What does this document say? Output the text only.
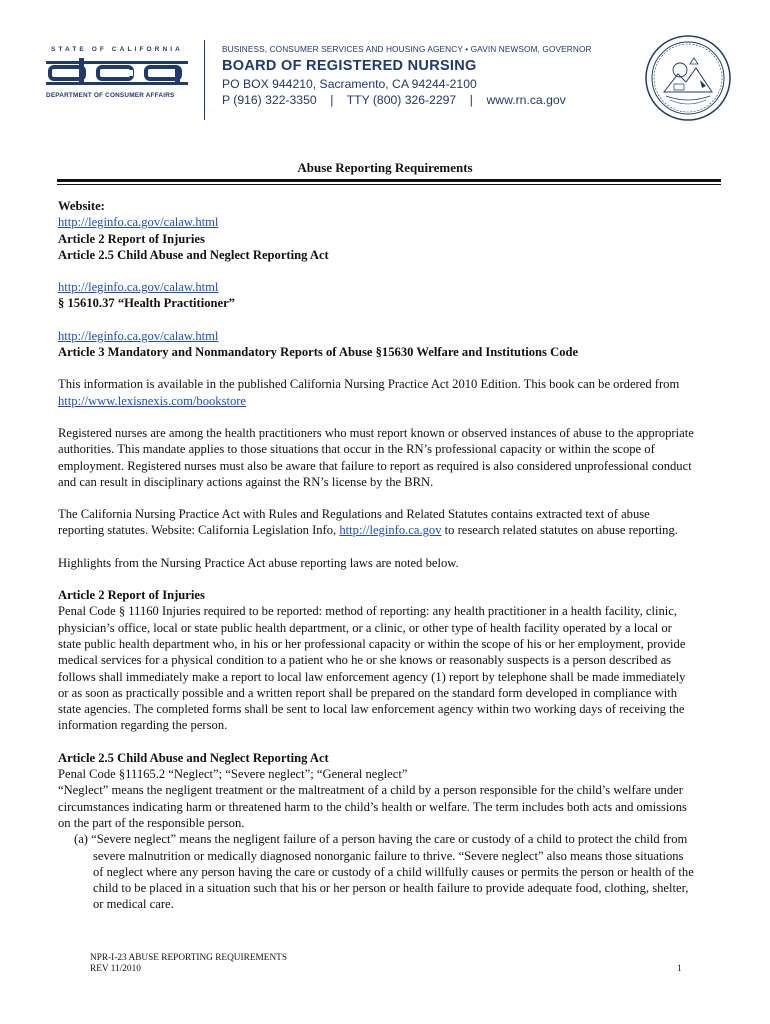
STATE OF CALIFORNIA
DEPARTMENT OF CONSUMER AFFAIRS
BUSINESS, CONSUMER SERVICES AND HOUSING AGENCY • GAVIN NEWSOM, GOVERNOR
BOARD OF REGISTERED NURSING
PO BOX 944210, Sacramento, CA 94244-2100
P (916) 322-3350 | TTY (800) 326-2297 | www.rn.ca.gov
Abuse Reporting Requirements

Website:

http://leginfo.ca.gov/calaw.html

Article 2 Report of Injuries

Article 2.5 Child Abuse and Neglect Reporting Act

http://leginfo.ca.gov/calaw.html

§ 15610.37 “Health Practitioner”

http://leginfo.ca.gov/calaw.html

Article 3 Mandatory and Nonmandatory Reports of Abuse §15630 Welfare and Institutions Code

This information is available in the published California Nursing Practice Act 2010 Edition. This book can be ordered from http://www.lexisnexis.com/bookstore

Registered nurses are among the health practitioners who must report known or observed instances of abuse to the appropriate authorities. This mandate applies to those situations that occur in the RN’s professional capacity or within the scope of employment. Registered nurses must also be aware that failure to report as required is also considered unprofessional conduct and can result in disciplinary actions against the RN’s license by the BRN.

The California Nursing Practice Act with Rules and Regulations and Related Statutes contains extracted text of abuse reporting statutes. Website: California Legislation Info, http://leginfo.ca.gov to research related statutes on abuse reporting.

Highlights from the Nursing Practice Act abuse reporting laws are noted below.

Article 2 Report of Injuries

Penal Code § 11160 Injuries required to be reported: method of reporting: any health practitioner in a health facility, clinic, physician’s office, local or state public health department, or a clinic, or other type of health facility operated by a local or state public health department who, in his or her professional capacity or within the scope of his or her employment, provide medical services for a physical condition to a patient who he or she knows or reasonably suspects is a person described as follows shall immediately make a report to local law enforcement agency (1) report by telephone shall be made immediately or as soon as practically possible and a written report shall be prepared on the standard form developed in compliance with state agencies. The completed forms shall be sent to local law enforcement agency within two working days of receiving the information regarding the person.

Article 2.5 Child Abuse and Neglect Reporting Act

Penal Code §11165.2 “Neglect”; “Severe neglect”; “General neglect”

“Neglect” means the negligent treatment or the maltreatment of a child by a person responsible for the child’s welfare under circumstances indicating harm or threatened harm to the child’s health or welfare. The term includes both acts and omissions on the part of the responsible person.

(a) “Severe neglect” means the negligent failure of a person having the care or custody of a child to protect the child from severe malnutrition or medically diagnosed nonorganic failure to thrive. “Severe neglect” also means those situations of neglect where any person having the care or custody of a child willfully causes or permits the person or health of the child to be placed in a situation such that his or her person or health failure to provide adequate food, clothing, shelter, or medical care.

NPR-I-23 ABUSE REPORTING REQUIREMENTS
REV 11/2010	1
